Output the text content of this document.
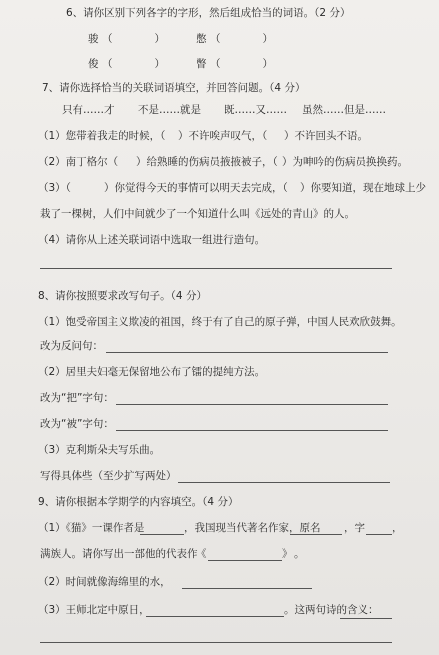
6、请你区别下列各字的字形，然后组成恰当的词语。（2 分）
骏 （　　　　）	憋 （　　　　）
俊 （　　　　）	瞥 （　　　　）
7、请你选择恰当的关联词语填空，并回答问题。（4 分）
只有……才 不是……就是 既……又…… 虽然……但是……
（1）您带着我走的时候，（ ）不许唉声叹气，（ ）不许回头不语。
（2）南丁格尔（ ）给熟睡的伤病员掖掖被子，（ ）为呻吟的伤病员换换药。
（3）（	）你觉得今天的事情可以明天去完成，（ ）你要知道，现在地球上少
栽了一棵树，人们中间就少了一个知道什么叫《远处的青山》的人。
（4）请你从上述关联词语中选取一组进行造句。
8、请你按照要求改写句子。（4 分）
（1）饱受帝国主义欺凌的祖国，终于有了自己的原子弹，中国人民欢欣鼓舞。
改为反问句：
（2）居里夫妇毫无保留地公布了镭的提纯方法。
改为“把”字句：
改为“被”字句：
（3）克利斯朵夫写乐曲。
写得具体些（至少扩写两处）
9、请你根据本学期学的内容填空。（4 分）
（1）《猫》一课作者是	，我国现当代著名作家，原名 ，字	，
满族人。请你写出一部他的代表作
《	》 。
（2）时间就像海绵里的水，
（3）王师北定中原日，	。这两句诗的含义：
